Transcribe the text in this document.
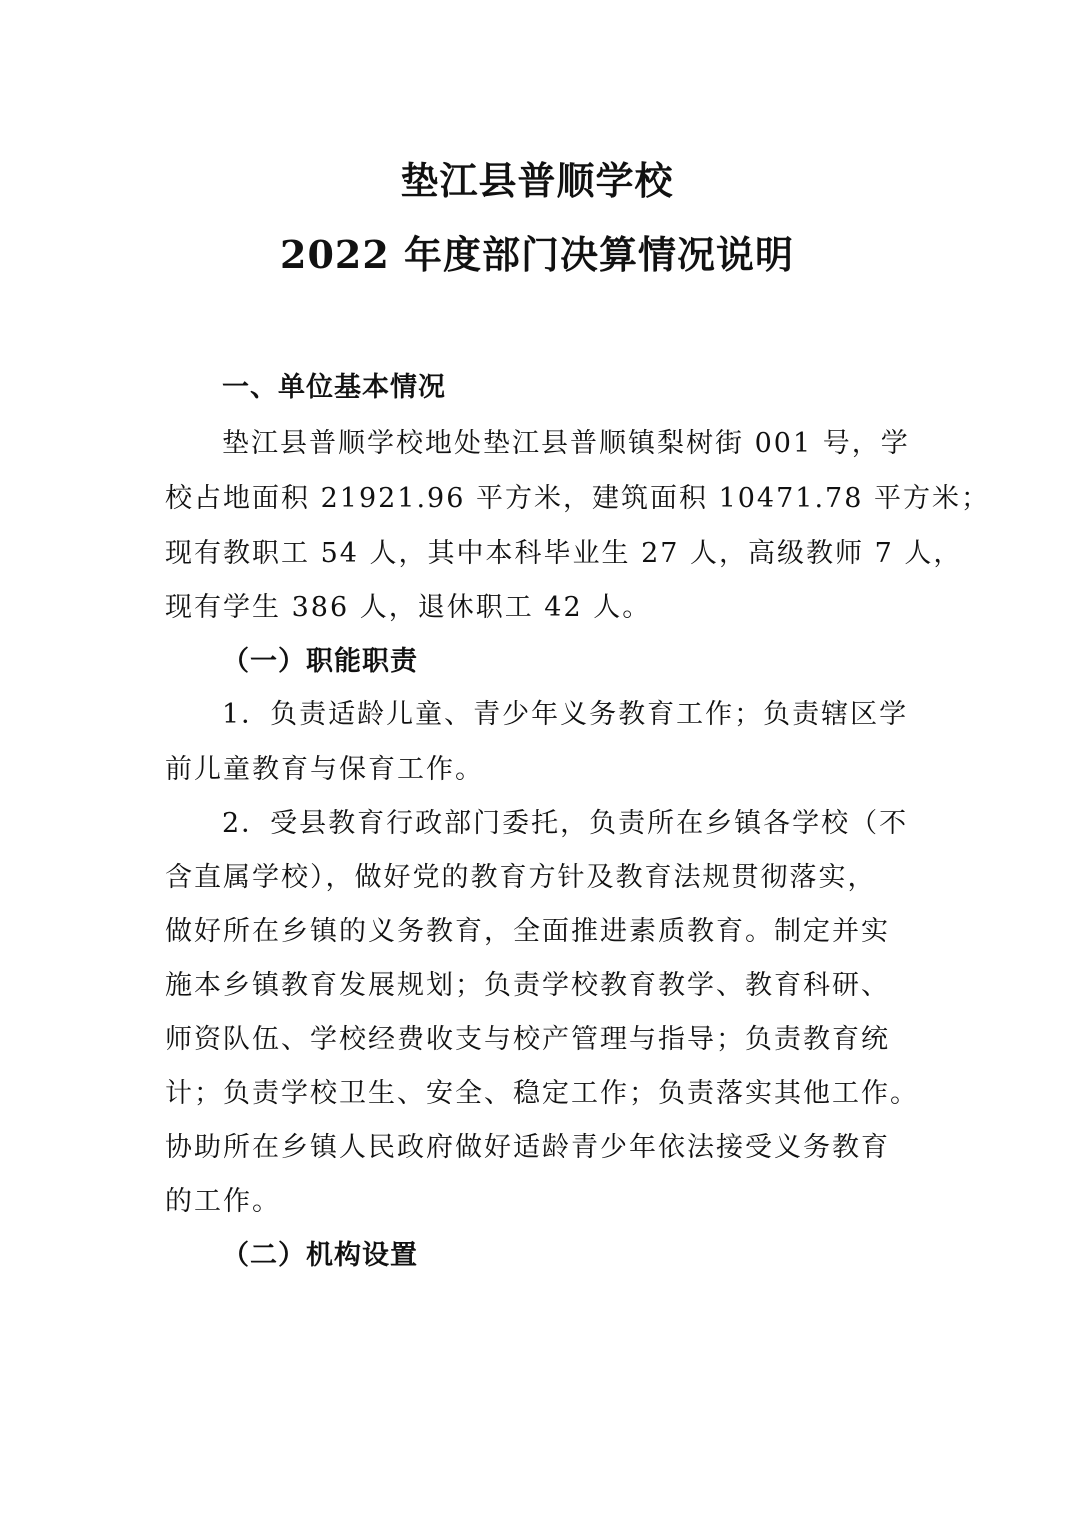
垫江县普顺学校
2022 年度部门决算情况说明
一、单位基本情况
垫江县普顺学校地处垫江县普顺镇梨树街 001 号，学
校占地面积 21921.96 平方米，建筑面积 10471.78 平方米；
现有教职工 54 人，其中本科毕业生 27 人，高级教师 7 人，
现有学生 386 人，退休职工 42 人。
（一）职能职责
1．负责适龄儿童、青少年义务教育工作；负责辖区学
前儿童教育与保育工作。
2．受县教育行政部门委托，负责所在乡镇各学校（不
含直属学校），做好党的教育方针及教育法规贯彻落实，
做好所在乡镇的义务教育，全面推进素质教育。制定并实
施本乡镇教育发展规划；负责学校教育教学、教育科研、
师资队伍、学校经费收支与校产管理与指导；负责教育统
计；负责学校卫生、安全、稳定工作；负责落实其他工作。
协助所在乡镇人民政府做好适龄青少年依法接受义务教育
的工作。
（二）机构设置
